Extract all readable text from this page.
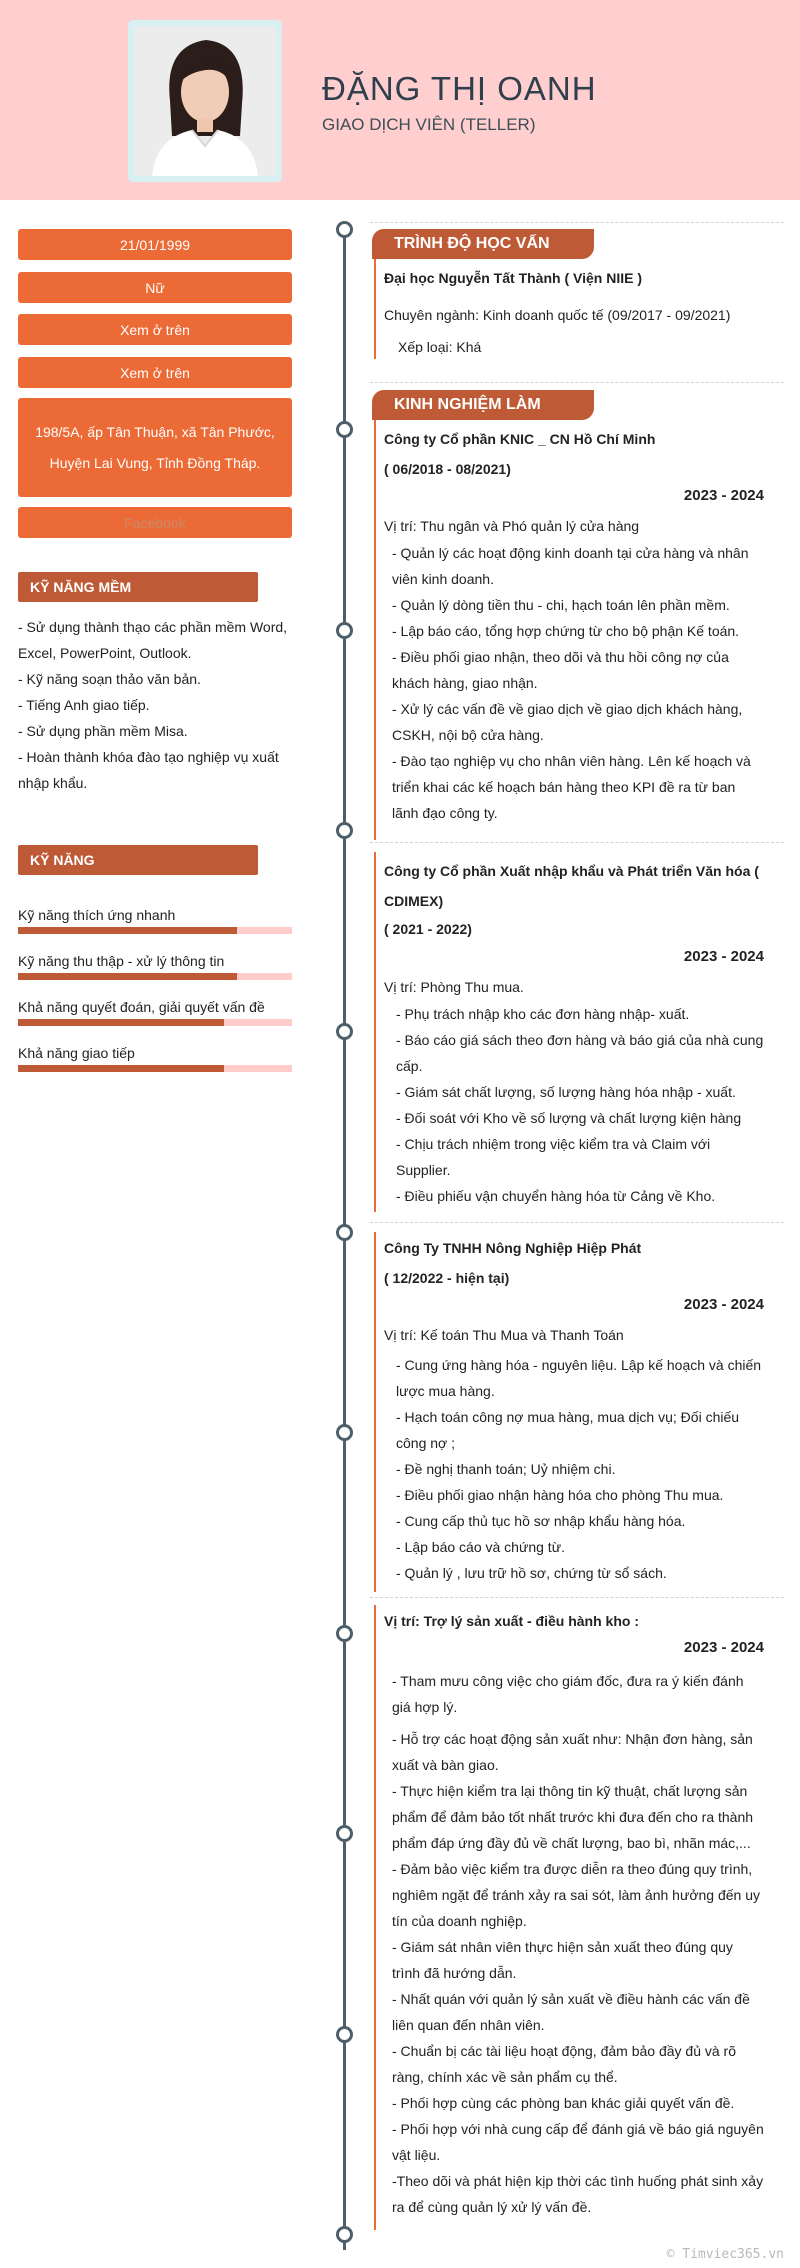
ĐẶNG THỊ OANH
GIAO DỊCH VIÊN (TELLER)
21/01/1999
Nữ
Xem ở trên
Xem ở trên
198/5A, ấp Tân Thuận, xã Tân Phước, Huyện Lai Vung, Tỉnh Đồng Tháp.
Facebook
KỸ NĂNG MỀM
- Sử dụng thành thạo các phần mềm Word, Excel, PowerPoint, Outlook.
- Kỹ năng soạn thảo văn bản.
- Tiếng Anh giao tiếp.
- Sử dụng phần mềm Misa.
- Hoàn thành khóa đào tạo nghiệp vụ xuất nhập khẩu.
KỸ NĂNG
Kỹ năng thích ứng nhanh
Kỹ năng thu thập - xử lý thông tin
Khả năng quyết đoán, giải quyết vấn đề
Khả năng giao tiếp
TRÌNH ĐỘ HỌC VẤN
Đại học Nguyễn Tất Thành ( Viện NIIE )
Chuyên ngành: Kinh doanh quốc tế (09/2017 - 09/2021)
Xếp loại: Khá
KINH NGHIỆM LÀM
Công ty Cổ phần KNIC _ CN Hồ Chí Minh
( 06/2018 - 08/2021)
2023 - 2024
Vị trí: Thu ngân và Phó quản lý cửa hàng
- Quản lý các hoạt động kinh doanh tại cửa hàng và nhân viên kinh doanh.
- Quản lý dòng tiền thu - chi, hạch toán lên phần mềm.
- Lập báo cáo, tổng hợp chứng từ cho bộ phận Kế toán.
- Điều phối giao nhận, theo dõi và thu hồi công nợ của khách hàng, giao nhận.
- Xử lý các vấn đề về giao dịch về giao dịch khách hàng, CSKH, nội bộ cửa hàng.
- Đào tạo nghiệp vụ cho nhân viên hàng. Lên kế hoạch và triển khai các kế hoạch bán hàng theo KPI đề ra từ ban lãnh đạo công ty.
Công ty Cổ phần Xuất nhập khẩu và Phát triển Văn hóa ( CDIMEX)
( 2021 - 2022)
2023 - 2024
Vị trí: Phòng Thu mua.
- Phụ trách nhập kho các đơn hàng nhập- xuất.
- Báo cáo giá sách theo đơn hàng và báo giá của nhà cung cấp.
- Giám sát chất lượng, số lượng hàng hóa nhập - xuất.
- Đối soát với Kho về số lượng và chất lượng kiện hàng
- Chịu trách nhiệm trong việc kiểm tra và Claim với Supplier.
- Điều phiếu vận chuyển hàng hóa từ Cảng về Kho.
Công Ty TNHH Nông Nghiệp Hiệp Phát
( 12/2022 - hiện tại)
2023 - 2024
Vị trí: Kế toán Thu Mua và Thanh Toán
- Cung ứng hàng hóa - nguyên liệu. Lập kế hoạch và chiến lược mua hàng.
- Hạch toán công nợ mua hàng, mua dịch vụ; Đối chiếu công nợ ;
- Đề nghị thanh toán; Uỷ nhiệm chi.
- Điều phối giao nhận hàng hóa cho phòng Thu mua.
- Cung cấp thủ tục hồ sơ nhập khẩu hàng hóa.
- Lập báo cáo và chứng từ.
- Quản lý , lưu trữ hồ sơ, chứng từ sổ sách.
Vị trí: Trợ lý sản xuất - điều hành kho :
2023 - 2024
- Tham mưu công việc cho giám đốc, đưa ra ý kiến đánh giá hợp lý.
- Hỗ trợ các hoạt động sản xuất như: Nhận đơn hàng, sản xuất và bàn giao.
- Thực hiện kiểm tra lại thông tin kỹ thuật, chất lượng sản phẩm để đảm bảo tốt nhất trước khi đưa đến cho ra thành phẩm đáp ứng đầy đủ về chất lượng, bao bì, nhãn mác,...
- Đảm bảo việc kiểm tra được diễn ra theo đúng quy trình, nghiêm ngặt để tránh xảy ra sai sót, làm ảnh hưởng đến uy tín của doanh nghiệp.
- Giám sát nhân viên thực hiện sản xuất theo đúng quy trình đã hướng dẫn.
- Nhất quán với quản lý sản xuất về điều hành các vấn đề liên quan đến nhân viên.
- Chuẩn bị các tài liệu hoạt động, đảm bảo đầy đủ và rõ ràng, chính xác về sản phẩm cụ thể.
- Phối hợp cùng các phòng ban khác giải quyết vấn đề.
- Phối hợp với nhà cung cấp để đánh giá về báo giá nguyên vật liệu.
-Theo dõi và phát hiện kịp thời các tình huống phát sinh xảy ra để cùng quản lý xử lý vấn đề.
© Timviec365.vn
